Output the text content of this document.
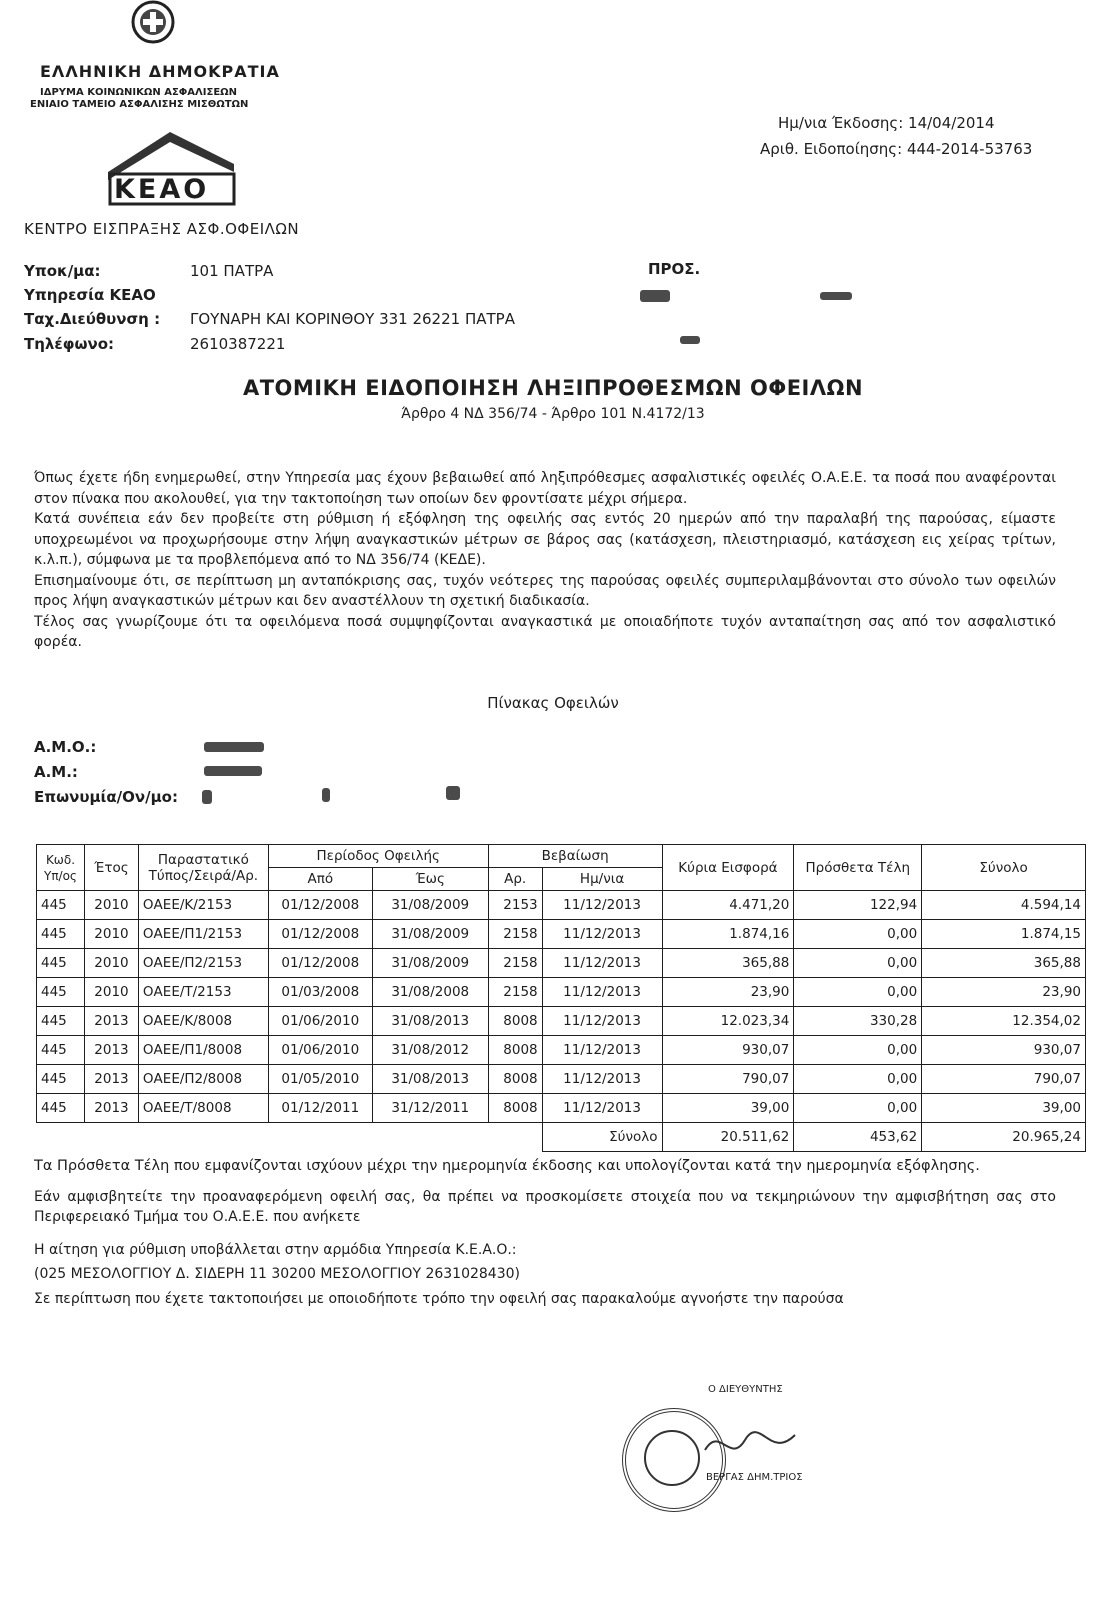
ΕΛΛΗΝΙΚΗ ΔΗΜΟΚΡΑΤΙΑ
ΙΔΡΥΜΑ ΚΟΙΝΩΝΙΚΩΝ ΑΣΦΑΛΙΣΕΩΝ
ΕΝΙΑΙΟ ΤΑΜΕΙΟ ΑΣΦΑΛΙΣΗΣ ΜΙΣΘΩΤΩΝ
ΚΕΑΟ
ΚΕΝΤΡΟ ΕΙΣΠΡΑΞΗΣ ΑΣΦ.ΟΦΕΙΛΩΝ
Ημ/νια Έκδοσης: 14/04/2014
Αριθ. Ειδοποίησης: 444-2014-53763
Υποκ/μα:	101 ΠΑΤΡΑ
Υπηρεσία ΚΕΑΟ
Ταχ.Διεύθυνση : ΓΟΥΝΑΡΗ ΚΑΙ ΚΟΡΙΝΘΟΥ 331 26221 ΠΑΤΡΑ
Τηλέφωνο:	2610387221
ΠΡΟΣ.
ΑΤΟΜΙΚΗ ΕΙΔΟΠΟΙΗΣΗ ΛΗΞΙΠΡΟΘΕΣΜΩΝ ΟΦΕΙΛΩΝ
Άρθρο 4 ΝΔ 356/74 - Άρθρο 101 Ν.4172/13

Όπως έχετε ήδη ενημερωθεί, στην Υπηρεσία μας έχουν βεβαιωθεί από ληξιπρόθεσμες ασφαλιστικές οφειλές Ο.Α.Ε.Ε. τα ποσά που αναφέρονται στον πίνακα που ακολουθεί, για την τακτοποίηση των οποίων δεν φροντίσατε μέχρι σήμερα.

Κατά συνέπεια εάν δεν προβείτε στη ρύθμιση ή εξόφληση της οφειλής σας εντός 20 ημερών από την παραλαβή της παρούσας, είμαστε υποχρεωμένοι να προχωρήσουμε στην λήψη αναγκαστικών μέτρων σε βάρος σας (κατάσχεση, πλειστηριασμό, κατάσχεση εις χείρας τρίτων, κ.λ.π.), σύμφωνα με τα προβλεπόμενα από το ΝΔ 356/74 (ΚΕΔΕ).

Επισημαίνουμε ότι, σε περίπτωση μη ανταπόκρισης σας, τυχόν νεότερες της παρούσας οφειλές συμπεριλαμβάνονται στο σύνολο των οφειλών προς λήψη αναγκαστικών μέτρων και δεν αναστέλλουν τη σχετική διαδικασία.

Τέλος σας γνωρίζουμε ότι τα οφειλόμενα ποσά συμψηφίζονται αναγκαστικά με οποιαδήποτε τυχόν ανταπαίτηση σας από τον ασφαλιστικό φορέα.

Πίνακας Οφειλών
Α.Μ.Ο.:
Α.Μ.:
Επωνυμία/Ον/μο:
Κωδ. Υπ/ος	Έτος	Παραστατικό Τύπος/Σειρά/Αρ.	Περίοδος Οφειλής		Βεβαίωση		Κύρια Εισφορά	Πρόσθετα Τέλη	Σύνολο
			Από	Έως	Αρ.	Ημ/νια			
445	2010	ΟΑΕΕ/Κ/2153	01/12/2008	31/08/2009	2153	11/12/2013	4.471,20	122,94	4.594,14
445	2010	ΟΑΕΕ/Π1/2153	01/12/2008	31/08/2009	2158	11/12/2013	1.874,16	0,00	1.874,15
445	2010	ΟΑΕΕ/Π2/2153	01/12/2008	31/08/2009	2158	11/12/2013	365,88	0,00	365,88
445	2010	ΟΑΕΕ/Τ/2153	01/03/2008	31/08/2008	2158	11/12/2013	23,90	0,00	23,90
445	2013	ΟΑΕΕ/Κ/8008	01/06/2010	31/08/2013	8008	11/12/2013	12.023,34	330,28	12.354,02
445	2013	ΟΑΕΕ/Π1/8008	01/06/2010	31/08/2012	8008	11/12/2013	930,07	0,00	930,07
445	2013	ΟΑΕΕ/Π2/8008	01/05/2010	31/08/2013	8008	11/12/2013	790,07	0,00	790,07
445	2013	ΟΑΕΕ/Τ/8008	01/12/2011	31/12/2011	8008	11/12/2013	39,00	0,00	39,00
						Σύνολο	20.511,62	453,62	20.965,24

Τα Πρόσθετα Τέλη που εμφανίζονται ισχύουν μέχρι την ημερομηνία έκδοσης και υπολογίζονται κατά την ημερομηνία εξόφλησης.

Εάν αμφισβητείτε την προαναφερόμενη οφειλή σας, θα πρέπει να προσκομίσετε στοιχεία που να τεκμηριώνουν την αμφισβήτηση σας στο Περιφερειακό Τμήμα του Ο.Α.Ε.Ε. που ανήκετε

Η αίτηση για ρύθμιση υποβάλλεται στην αρμόδια Υπηρεσία Κ.Ε.Α.Ο.:

(025 ΜΕΣΟΛΟΓΓΙΟΥ Δ. ΣΙΔΕΡΗ 11 30200 ΜΕΣΟΛΟΓΓΙΟΥ 2631028430)

Σε περίπτωση που έχετε τακτοποιήσει με οποιοδήποτε τρόπο την οφειλή σας παρακαλούμε αγνοήστε την παρούσα

Ο ΔΙΕΥΘΥΝΤΗΣ
ΒΕΡΓΑΣ ΔΗΜ.ΤΡΙΟΣ
